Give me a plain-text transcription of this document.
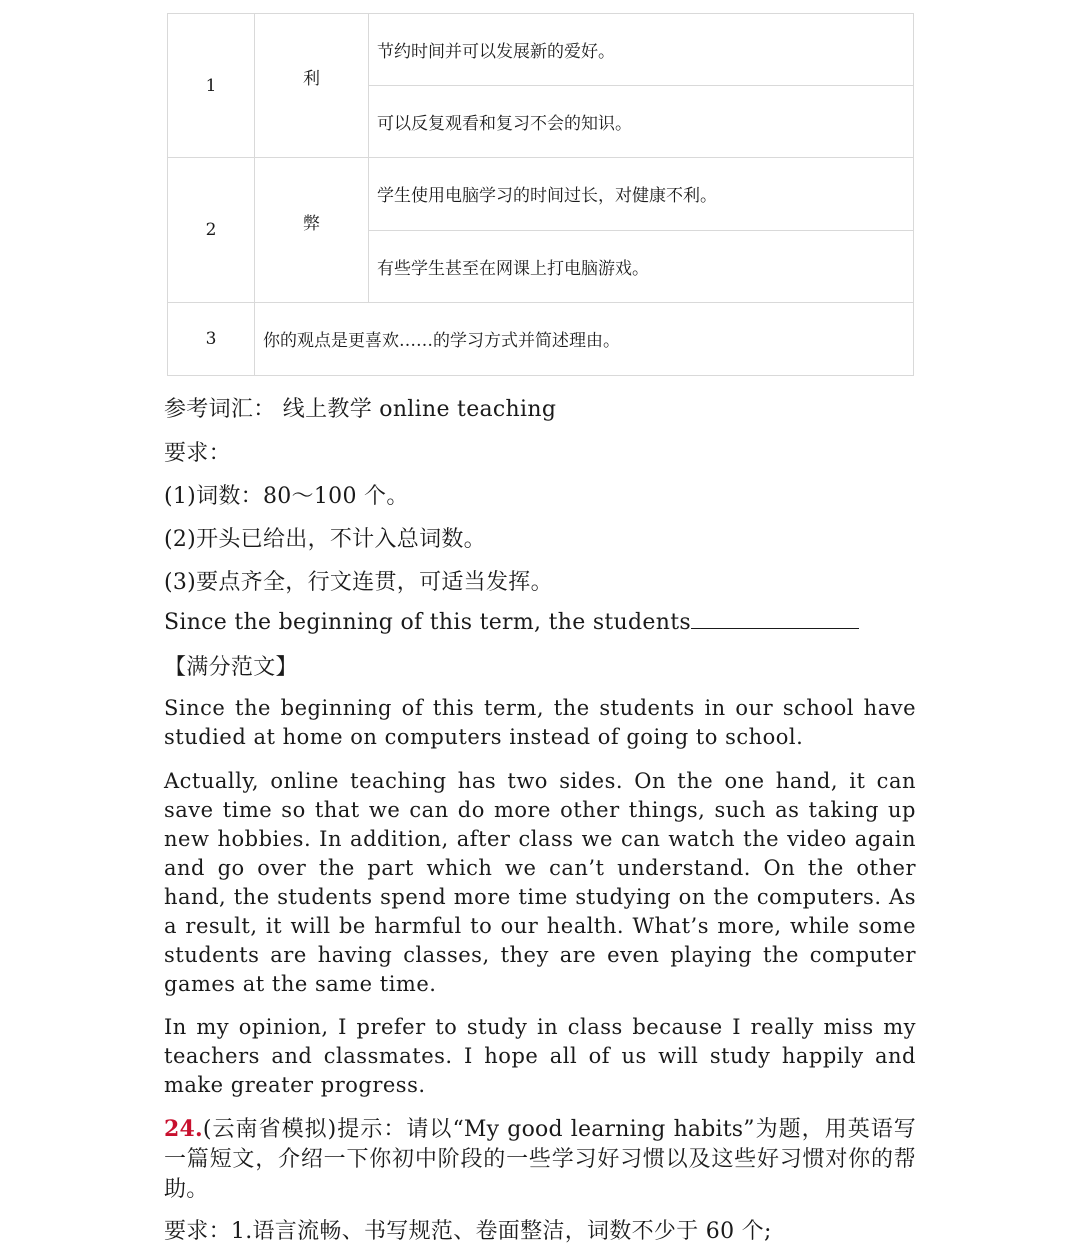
1	利	节约时间并可以发展新的爱好。
		可以反复观看和复习不会的知识。
2	弊	学生使用电脑学习的时间过长，对健康不利。
		有些学生甚至在网课上打电脑游戏。
3	你的观点是更喜欢……的学习方式并简述理由。	
参考词汇： 线上教学 online teaching
要求：
(1)词数：80～100 个。
(2)开头已给出，不计入总词数。
(3)要点齐全，行文连贯，可适当发挥。
Since the beginning of this term, the students
【满分范文】
Since the beginning of this term, the students in our school have studied at home on computers instead of going to school.
Actually, online teaching has two sides. On the one hand, it can save time so that we can do more other things, such as taking up new hobbies. In addition, after class we can watch the video again and go over the part which we can’t understand. On the other hand, the students spend more time studying on the computers. As a result, it will be harmful to our health. What’s more, while some students are having classes, they are even playing the computer games at the same time.
In my opinion, I prefer to study in class because I really miss my teachers and classmates. I hope all of us will study happily and make greater progress.
24.(云南省模拟)提示：请以“My good learning habits”为题，用英语写一篇短文，介绍一下你初中阶段的一些学习好习惯以及这些好习惯对你的帮助。
要求：1.语言流畅、书写规范、卷面整洁，词数不少于 60 个;
